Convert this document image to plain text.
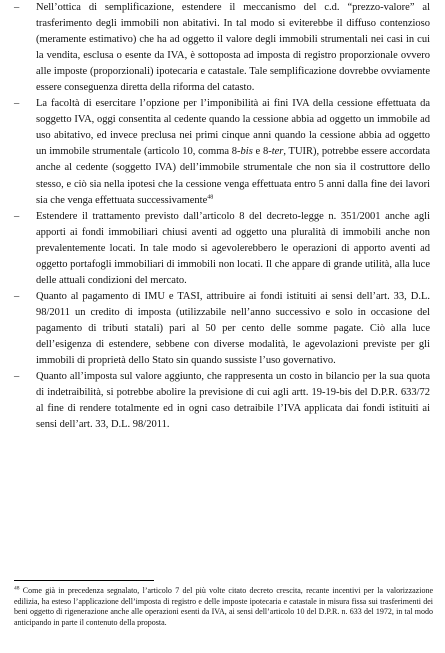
– Nell’ottica di semplificazione, estendere il meccanismo del c.d. “prezzo-valore” al trasferimento degli immobili non abitativi. In tal modo si eviterebbe il diffuso contenzioso (meramente estimativo) che ha ad oggetto il valore degli immobili strumentali nei casi in cui la vendita, esclusa o esente da IVA, è sottoposta ad imposta di registro proporzionale ovvero alle imposte (proporzionali) ipotecaria e catastale. Tale semplificazione dovrebbe ovviamente essere conseguenza diretta della riforma del catasto.
– La facoltà di esercitare l’opzione per l’imponibilità ai fini IVA della cessione effettuata da soggetto IVA, oggi consentita al cedente quando la cessione abbia ad oggetto un immobile ad uso abitativo, ed invece preclusa nei primi cinque anni quando la cessione abbia ad oggetto un immobile strumentale (articolo 10, comma 8-bis e 8-ter, TUIR), potrebbe essere accordata anche al cedente (soggetto IVA) dell’immobile strumentale che non sia il costruttore dello stesso, e ciò sia nella ipotesi che la cessione venga effettuata entro 5 anni dalla fine dei lavori sia che venga effettuata successivamente$^{48}$
– Estendere il trattamento previsto dall’articolo 8 del decreto-legge n. 351/2001 anche agli apporti ai fondi immobiliari chiusi aventi ad oggetto una pluralità di immobili anche non prevalentemente locati. In tale modo si agevolerebbero le operazioni di apporto aventi ad oggetto portafogli immobiliari di immobili non locati. Il che appare di grande utilità, alla luce delle attuali condizioni del mercato.
– Quanto al pagamento di IMU e TASI, attribuire ai fondi istituiti ai sensi dell’art. 33, D.L. 98/2011 un credito di imposta (utilizzabile nell’anno successivo e solo in occasione del pagamento di tributi statali) pari al 50 per cento delle somme pagate. Ciò alla luce dell’esigenza di estendere, sebbene con diverse modalità, le agevolazioni previste per gli immobili di proprietà dello Stato sin quando sussiste l’uso governativo.
– Quanto all’imposta sul valore aggiunto, che rappresenta un costo in bilancio per la sua quota di indetraibilità, si potrebbe abolire la previsione di cui agli artt. 19-19-bis del D.P.R. 633/72 al fine di rendere totalmente ed in ogni caso detraibile l’IVA applicata dai fondi istituiti ai sensi dell’art. 33, D.L. 98/2011.
$^{48}$ Come già in precedenza segnalato, l’articolo 7 del più volte citato decreto crescita, recante incentivi per la valorizzazione edilizia, ha esteso l’applicazione dell’imposta di registro e delle imposte ipotecaria e catastale in misura fissa sui trasferimenti dei beni oggetto di rigenerazione anche alle operazioni esenti da IVA, ai sensi dell’articolo 10 del D.P.R. n. 633 del 1972, in tal modo anticipando in parte il contenuto della proposta.
